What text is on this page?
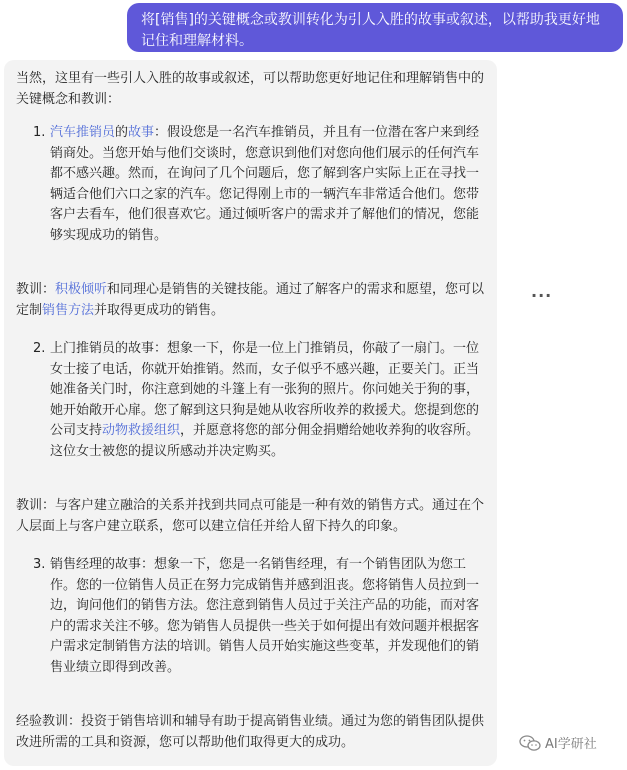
将[销售]的关键概念或教训转化为引人入胜的故事或叙述，以帮助我更好地记住和理解材料。

当然，这里有一些引人入胜的故事或叙述，可以帮助您更好地记住和理解销售中的关键概念和教训：

1. 汽车推销员的故事：假设您是一名汽车推销员，并且有一位潜在客户来到经销商处。当您开始与他们交谈时，您意识到他们对您向他们展示的任何汽车都不感兴趣。然而，在询问了几个问题后，您了解到客户实际上正在寻找一辆适合他们六口之家的汽车。您记得刚上市的一辆汽车非常适合他们。您带客户去看车，他们很喜欢它。通过倾听客户的需求并了解他们的情况，您能够实现成功的销售。

教训：积极倾听和同理心是销售的关键技能。通过了解客户的需求和愿望，您可以定制销售方法并取得更成功的销售。

2. 上门推销员的故事：想象一下，你是一位上门推销员，你敲了一扇门。一位女士接了电话，你就开始推销。然而，女子似乎不感兴趣，正要关门。正当她准备关门时，你注意到她的斗篷上有一张狗的照片。你问她关于狗的事，她开始敞开心扉。您了解到这只狗是她从收容所收养的救援犬。您提到您的公司支持动物救援组织，并愿意将您的部分佣金捐赠给她收养狗的收容所。这位女士被您的提议所感动并决定购买。

教训：与客户建立融洽的关系并找到共同点可能是一种有效的销售方式。通过在个人层面上与客户建立联系，您可以建立信任并给人留下持久的印象。

3. 销售经理的故事：想象一下，您是一名销售经理，有一个销售团队为您工作。您的一位销售人员正在努力完成销售并感到沮丧。您将销售人员拉到一边，询问他们的销售方法。您注意到销售人员过于关注产品的功能，而对客户的需求关注不够。您为销售人员提供一些关于如何提出有效问题并根据客户需求定制销售方法的培训。销售人员开始实施这些变革，并发现他们的销售业绩立即得到改善。

经验教训：投资于销售培训和辅导有助于提高销售业绩。通过为您的销售团队提供改进所需的工具和资源，您可以帮助他们取得更大的成功。

···
AI学研社
